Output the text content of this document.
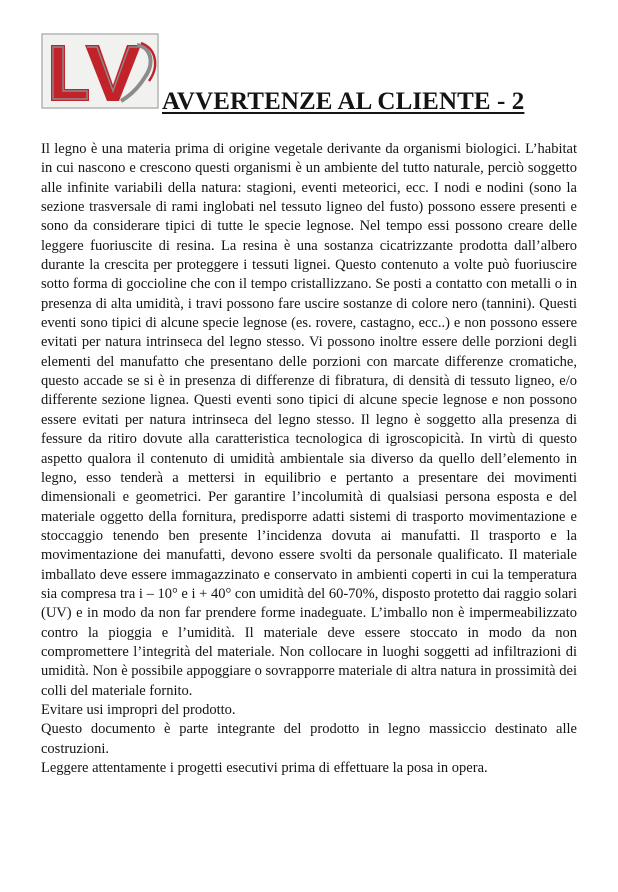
AVVERTENZE AL CLIENTE - 2

Il legno è una materia prima di origine vegetale derivante da organismi biologici. L’habitat in cui nascono e crescono questi organismi è un ambiente del tutto naturale, perciò soggetto alle infinite variabili della natura: stagioni, eventi meteorici, ecc. I nodi e nodini (sono la sezione trasversale di rami inglobati nel tessuto ligneo del fusto) possono essere presenti e sono da considerare tipici di tutte le specie legnose. Nel tempo essi possono creare delle leggere fuoriuscite di resina. La resina è una sostanza cicatrizzante prodotta dall’albero durante la crescita per proteggere i tessuti lignei. Questo contenuto a volte può fuoriuscire sotto forma di goccioline che con il tempo cristallizzano. Se posti a contatto con metalli o in presenza di alta umidità, i travi possono fare uscire sostanze di colore nero (tannini). Questi eventi sono tipici di alcune specie legnose (es. rovere, castagno, ecc..) e non possono essere evitati per natura intrinseca del legno stesso. Vi possono inoltre essere delle porzioni degli elementi del manufatto che presentano delle porzioni con marcate differenze cromatiche, questo accade se si è in presenza di differenze di fibratura, di densità di tessuto ligneo, e/o differente sezione lignea. Questi eventi sono tipici di alcune specie legnose e non possono essere evitati per natura intrinseca del legno stesso. Il legno è soggetto alla presenza di fessure da ritiro dovute alla caratteristica tecnologica di igroscopicità. In virtù di questo aspetto qualora il contenuto di umidità ambientale sia diverso da quello dell’elemento in legno, esso tenderà a mettersi in equilibrio e pertanto a presentare dei movimenti dimensionali e geometrici. Per garantire l’incolumità di qualsiasi persona esposta e del materiale oggetto della fornitura, predisporre adatti sistemi di trasporto movimentazione e stoccaggio tenendo ben presente l’incidenza dovuta ai manufatti. Il trasporto e la movimentazione dei manufatti, devono essere svolti da personale qualificato. Il materiale imballato deve essere immagazzinato e conservato in ambienti coperti in cui la temperatura sia compresa tra i – 10° e i + 40° con umidità del 60-70%, disposto protetto dai raggio solari (UV) e in modo da non far prendere forme inadeguate. L’imballo non è impermeabilizzato contro la pioggia e l’umidità. Il materiale deve essere stoccato in modo da non compromettere l’integrità del materiale. Non collocare in luoghi soggetti ad infiltrazioni di umidità. Non è possibile appoggiare o sovrapporre materiale di altra natura in prossimità dei colli del materiale fornito.

Evitare usi impropri del prodotto.

Questo documento è parte integrante del prodotto in legno massiccio destinato alle costruzioni.

Leggere attentamente i progetti esecutivi prima di effettuare la posa in opera.
